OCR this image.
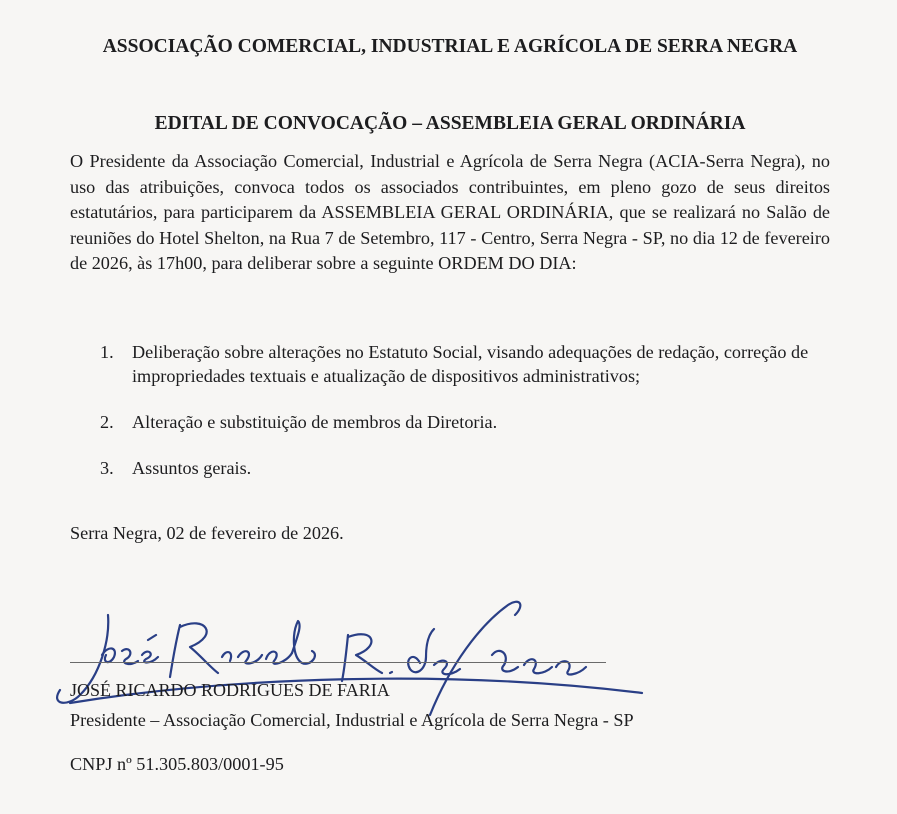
ASSOCIAÇÃO COMERCIAL, INDUSTRIAL E AGRÍCOLA DE SERRA NEGRA
EDITAL DE CONVOCAÇÃO – ASSEMBLEIA GERAL ORDINÁRIA

O Presidente da Associação Comercial, Industrial e Agrícola de Serra Negra (ACIA-Serra Negra), no uso das atribuições, convoca todos os associados contribuintes, em pleno gozo de seus direitos estatutários, para participarem da ASSEMBLEIA GERAL ORDINÁRIA, que se realizará no Salão de reuniões do Hotel Shelton, na Rua 7 de Setembro, 117 - Centro, Serra Negra - SP, no dia 12 de fevereiro de 2026, às 17h00, para deliberar sobre a seguinte ORDEM DO DIA:

1. Deliberação sobre alterações no Estatuto Social, visando adequações de redação, correção de impropriedades textuais e atualização de dispositivos administrativos;
2. Alteração e substituição de membros da Diretoria.
3. Assuntos gerais.

Serra Negra, 02 de fevereiro de 2026.

JOSÉ RICARDO RODRIGUES DE FARIA

Presidente – Associação Comercial, Industrial e Agrícola de Serra Negra - SP

CNPJ nº 51.305.803/0001-95
